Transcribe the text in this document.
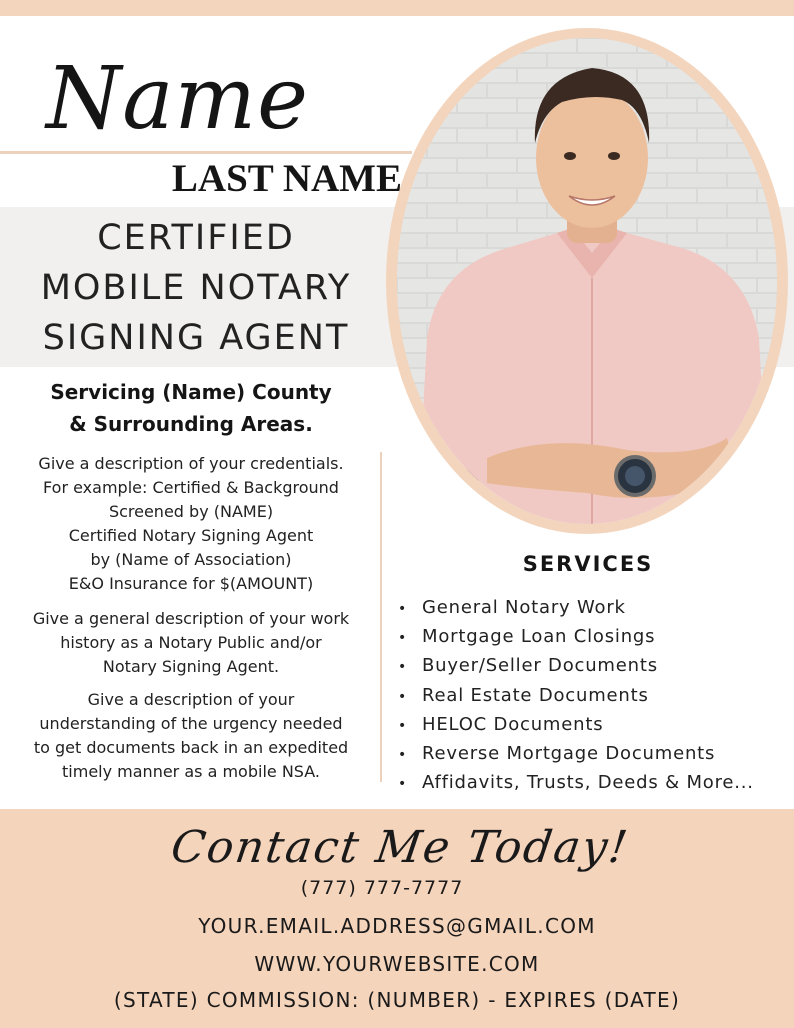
Name
LAST NAME
CERTIFIED
MOBILE NOTARY
SIGNING AGENT
Servicing (Name) County
& Surrounding Areas.
Give a description of your credentials.
For example: Certified & Background
Screened by (NAME)
Certified Notary Signing Agent
by (Name of Association)
E&O Insurance for $(AMOUNT)
Give a general description of your work
history as a Notary Public and/or
Notary Signing Agent.
Give a description of your
understanding of the urgency needed
to get documents back in an expedited
timely manner as a mobile NSA.
SERVICES
• General Notary Work
• Mortgage Loan Closings
• Buyer/Seller Documents
• Real Estate Documents
• HELOC Documents
• Reverse Mortgage Documents
• Affidavits, Trusts, Deeds & More...
Contact Me Today!
(777) 777-7777
YOUR.EMAIL.ADDRESS@GMAIL.COM
WWW.YOURWEBSITE.COM
(STATE) COMMISSION: (NUMBER) - EXPIRES (DATE)
